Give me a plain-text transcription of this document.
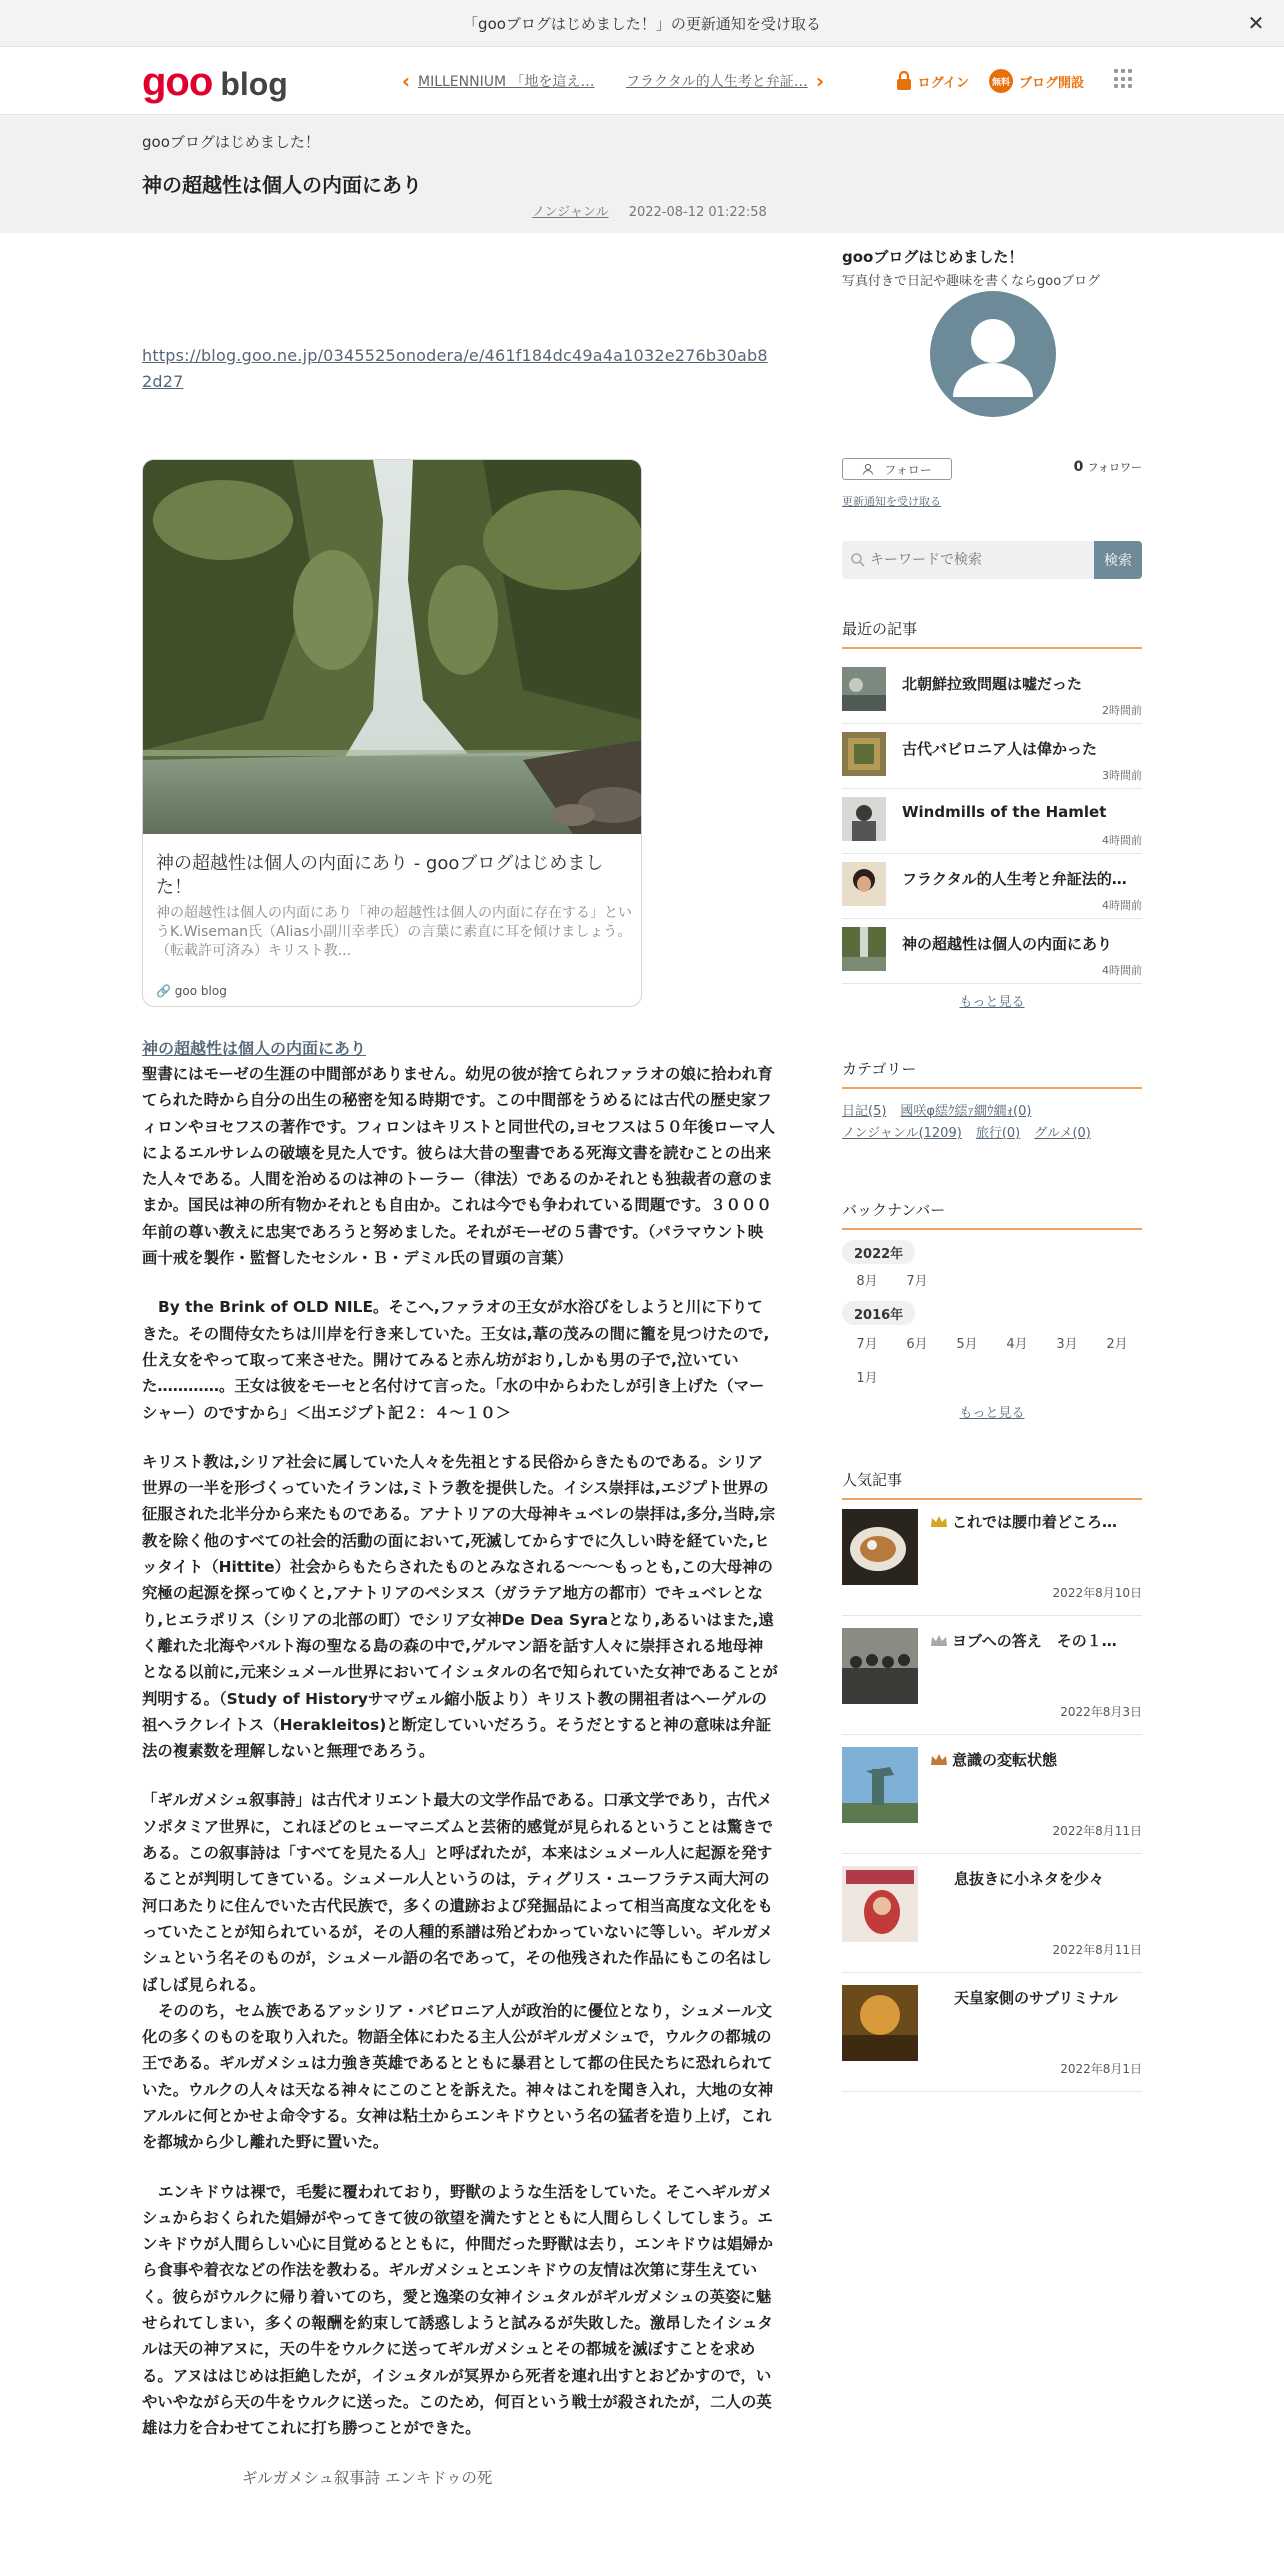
「gooブログはじめました！」の更新通知を受け取る	✕
goo blog	‹ MILLENNIUM 「地を這え…	フラクタル的人生考と弁証… ›	ログイン	無料 ブログ開設
gooブログはじめました！
神の超越性は個人の内面にあり
ノンジャンル 2022-08-12 01:22:58
https://blog.goo.ne.jp/0345525onodera/e/461f184dc49a4a1032e276b30ab82d27
神の超越性は個人の内面にあり - gooブログはじめました！
神の超越性は個人の内面にあり「神の超越性は個人の内面に存在する」というK.Wiseman氏（Alias小副川幸孝氏）の言葉に素直に耳を傾けましょう。（転載許可済み）キリスト教...
🔗 goo blog
神の超越性は個人の内面にあり

聖書にはモーゼの生涯の中間部がありません。幼児の彼が捨てられファラオの娘に拾われ育てられた時から自分の出生の秘密を知る時期です。この中間部をうめるには古代の歴史家フィロンやヨセフスの著作です。フィロンはキリストと同世代の,ヨセフスは５０年後ローマ人によるエルサレムの破壊を見た人です。彼らは大昔の聖書である死海文書を読むことの出来た人々である。人間を治めるのは神のトーラー（律法）であるのかそれとも独裁者の意のままか。国民は神の所有物かそれとも自由か。これは今でも争われている問題です。３０００年前の尊い教えに忠実であろうと努めました。それがモーゼの５書です。（パラマウント映画十戒を製作・監督したセシル・Ｂ・デミル氏の冒頭の言葉）

By the Brink of OLD NILE。そこへ,ファラオの王女が水浴びをしようと川に下りてきた。その間侍女たちは川岸を行き来していた。王女は,葦の茂みの間に籠を見つけたので,仕え女をやって取って来させた。開けてみると赤ん坊がおり,しかも男の子で,泣いていた…………。王女は彼をモーセと名付けて言った。「水の中からわたしが引き上げた（マーシャー）のですから」＜出エジプト記２：４～１０＞

キリスト教は,シリア社会に属していた人々を先祖とする民俗からきたものである。シリア世界の一半を形づくっていたイランは,ミトラ教を提供した。イシス崇拝は,エジプト世界の征服された北半分から来たものである。アナトリアの大母神キュベレの崇拝は,多分,当時,宗教を除く他のすべての社会的活動の面において,死滅してからすでに久しい時を経ていた,ヒッタイト（Hittite）社会からもたらされたものとみなされる～～～もっとも,この大母神の究極の起源を探ってゆくと,アナトリアのペシヌス（ガラテア地方の都市）でキュベレとなり,ヒエラポリス（シリアの北部の町）でシリア女神De Dea Syraとなり,あるいはまた,遠く離れた北海やバルト海の聖なる島の森の中で,ゲルマン語を話す人々に崇拝される地母神となる以前に,元来シュメール世界においてイシュタルの名で知られていた女神であることが判明する。（Study of Historyサマヴェル縮小版より）キリスト教の開祖者はヘーゲルの祖ヘラクレイトス（Herakleitos)と断定していいだろう。そうだとすると神の意味は弁証法の複素数を理解しないと無理であろう。

「ギルガメシュ叙事詩」は古代オリエント最大の文学作品である。口承文学であり，古代メソポタミア世界に，これほどのヒューマニズムと芸術的感覚が見られるということは驚きである。この叙事詩は「すべてを見たる人」と呼ばれたが，本来はシュメール人に起源を発することが判明してきている。シュメール人というのは，ティグリス・ユーフラテス両大河の河口あたりに住んでいた古代民族で，多くの遺跡および発掘品によって相当高度な文化をもっていたことが知られているが，その人種的系譜は殆どわかっていないに等しい。ギルガメシュという名そのものが，シュメール語の名であって，その他残された作品にもこの名はしばしば見られる。

そののち，セム族であるアッシリア・バビロニア人が政治的に優位となり，シュメール文化の多くのものを取り入れた。物語全体にわたる主人公がギルガメシュで，ウルクの都城の王である。ギルガメシュは力強き英雄であるとともに暴君として都の住民たちに恐れられていた。ウルクの人々は天なる神々にこのことを訴えた。神々はこれを聞き入れ，大地の女神アルルに何とかせよ命令する。女神は粘土からエンキドウという名の猛者を造り上げ，これを都城から少し離れた野に置いた。

エンキドウは裸で，毛髪に覆われており，野獣のような生活をしていた。そこへギルガメシュからおくられた娼婦がやってきて彼の欲望を満たすとともに人間らしくしてしまう。エンキドウが人間らしい心に目覚めるとともに，仲間だった野獣は去り，エンキドウは娼婦から食事や着衣などの作法を教わる。ギルガメシュとエンキドウの友情は次第に芽生えていく。彼らがウルクに帰り着いてのち，愛と逸楽の女神イシュタルがギルガメシュの英姿に魅せられてしまい，多くの報酬を約束して誘惑しようと試みるが失敗した。激昂したイシュタルは天の神アヌに，天の牛をウルクに送ってギルガメシュとその都城を滅ぼすことを求める。アヌははじめは拒絶したが，イシュタルが冥界から死者を連れ出すとおどかすので，いやいやながら天の牛をウルクに送った。このため，何百という戦士が殺されたが，二人の英雄は力を合わせてこれに打ち勝つことができた。

ギルガメシュ叙事詩 エンキドゥの死

gooブログはじめました！
写真付きで日記や趣味を書くならgooブログ
フォロー	0 フォロワー
更新通知を受け取る
キーワードで検索
検索
最近の記事
北朝鮮拉致問題は嘘だった
2時間前
古代バビロニア人は偉かった
3時間前
Windmills of the Hamlet
4時間前
フラクタル的人生考と弁証法的…
4時間前
神の超越性は個人の内面にあり
4時間前
もっと見る
カテゴリー
日記(5) 國咲φ繧ｸ繧ｧ繝ｳ繝ｫ(0)
ノンジャンル(1209) 旅行(0) グルメ(0)
バックナンバー
2022年
8月	7月
2016年
7月	6月	5月	4月	3月	2月
1月
もっと見る
人気記事
これでは腰巾着どころ…
2022年8月10日
ヨブへの答え　その１…
2022年8月3日
意識の変転状態
2022年8月11日
息抜きに小ネタを少々
2022年8月11日
天皇家側のサブリミナル
2022年8月1日
